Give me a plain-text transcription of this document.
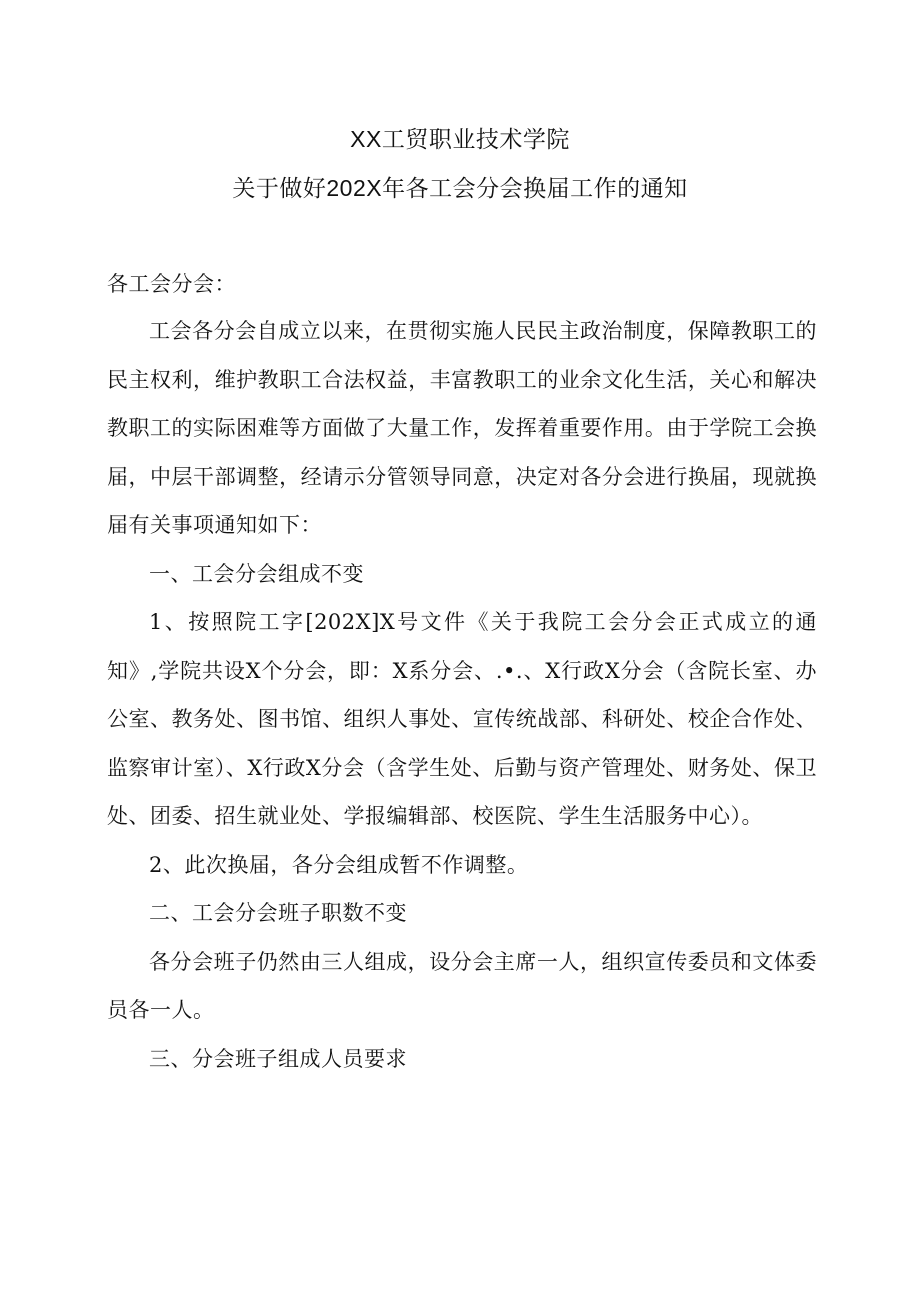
XX工贸职业技术学院
关于做好202X年各工会分会换届工作的通知
各工会分会：

工会各分会自成立以来，在贯彻实施人民民主政治制度，保障教职工的民主权利，维护教职工合法权益，丰富教职工的业余文化生活，关心和解决教职工的实际困难等方面做了大量工作，发挥着重要作用。由于学院工会换届，中层干部调整，经请示分管领导同意，决定对各分会进行换届，现就换届有关事项通知如下：

一、工会分会组成不变

1、按照院工字[202X]X号文件《关于我院工会分会正式成立的通知》,学院共设X个分会，即：X系分会、.•.、X行政X分会（含院长室、办公室、教务处、图书馆、组织人事处、宣传统战部、科研处、校企合作处、监察审计室）、X行政X分会（含学生处、后勤与资产管理处、财务处、保卫处、团委、招生就业处、学报编辑部、校医院、学生生活服务中心）。

2、此次换届，各分会组成暂不作调整。

二、工会分会班子职数不变

各分会班子仍然由三人组成，设分会主席一人，组织宣传委员和文体委员各一人。

三、分会班子组成人员要求
